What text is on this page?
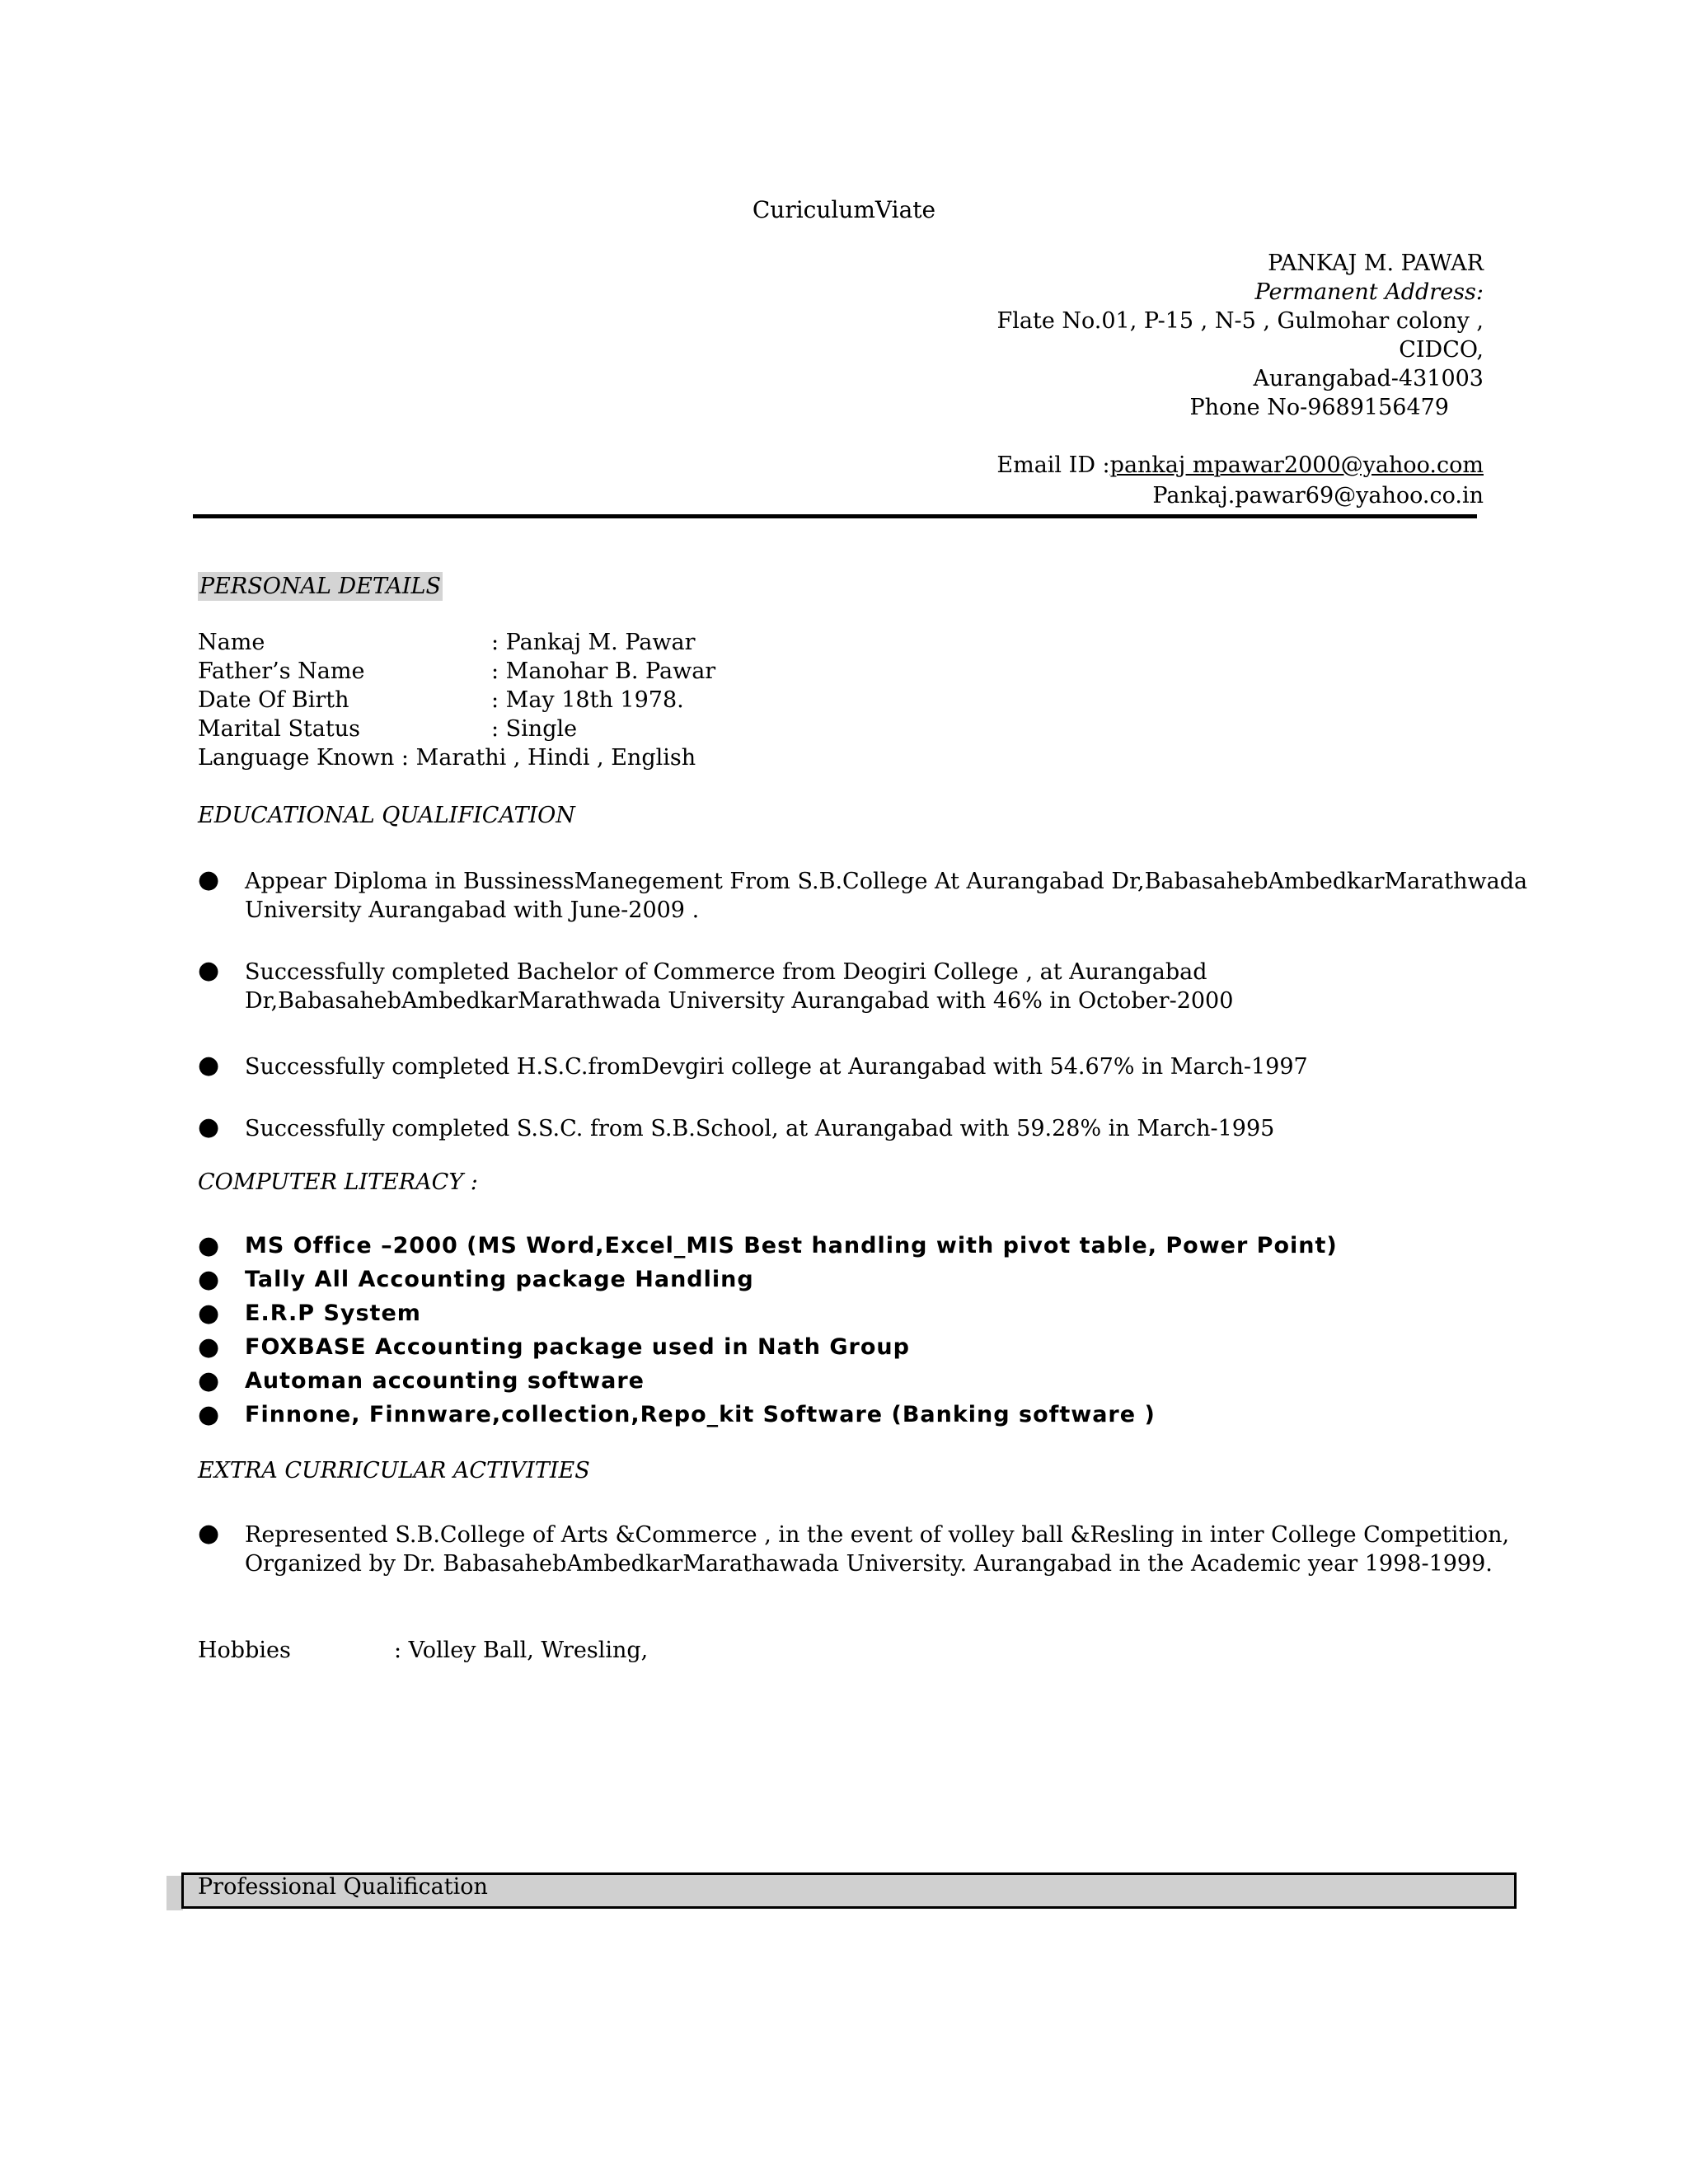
CuriculumViate
PANKAJ M. PAWAR
Permanent Address:
Flate No.01, P-15 , N-5 , Gulmohar colony ,
CIDCO,
Aurangabad-431003
Phone No-9689156479
Email ID :pankaj mpawar2000@yahoo.com
Pankaj.pawar69@yahoo.co.in
PERSONAL DETAILS
Name	: Pankaj M. Pawar
Father’s Name	: Manohar B. Pawar
Date Of Birth	: May 18th 1978.
Marital Status	: Single
Language Known : Marathi , Hindi , English
EDUCATIONAL QUALIFICATION
● Appear Diploma in BussinessManegement From S.B.College At Aurangabad Dr,BabasahebAmbedkarMarathwada
University Aurangabad with June-2009 .
● Successfully completed Bachelor of Commerce from Deogiri College , at Aurangabad
Dr,BabasahebAmbedkarMarathwada University Aurangabad with 46% in October-2000
● Successfully completed H.S.C.fromDevgiri college at Aurangabad with 54.67% in March-1997
● Successfully completed S.S.C. from S.B.School, at Aurangabad with 59.28% in March-1995
COMPUTER LITERACY :
● MS Office –2000 (MS Word,Excel_MIS Best handling with pivot table, Power Point)
● Tally All Accounting package Handling
● E.R.P System
● FOXBASE Accounting package used in Nath Group
● Automan accounting software
● Finnone, Finnware,collection,Repo_kit Software (Banking software )
EXTRA CURRICULAR ACTIVITIES
● Represented S.B.College of Arts &Commerce , in the event of volley ball &Resling in inter College Competition,
Organized by Dr. BabasahebAmbedkarMarathawada University. Aurangabad in the Academic year 1998-1999.
Hobbies	: Volley Ball, Wresling,
Professional Qualification
